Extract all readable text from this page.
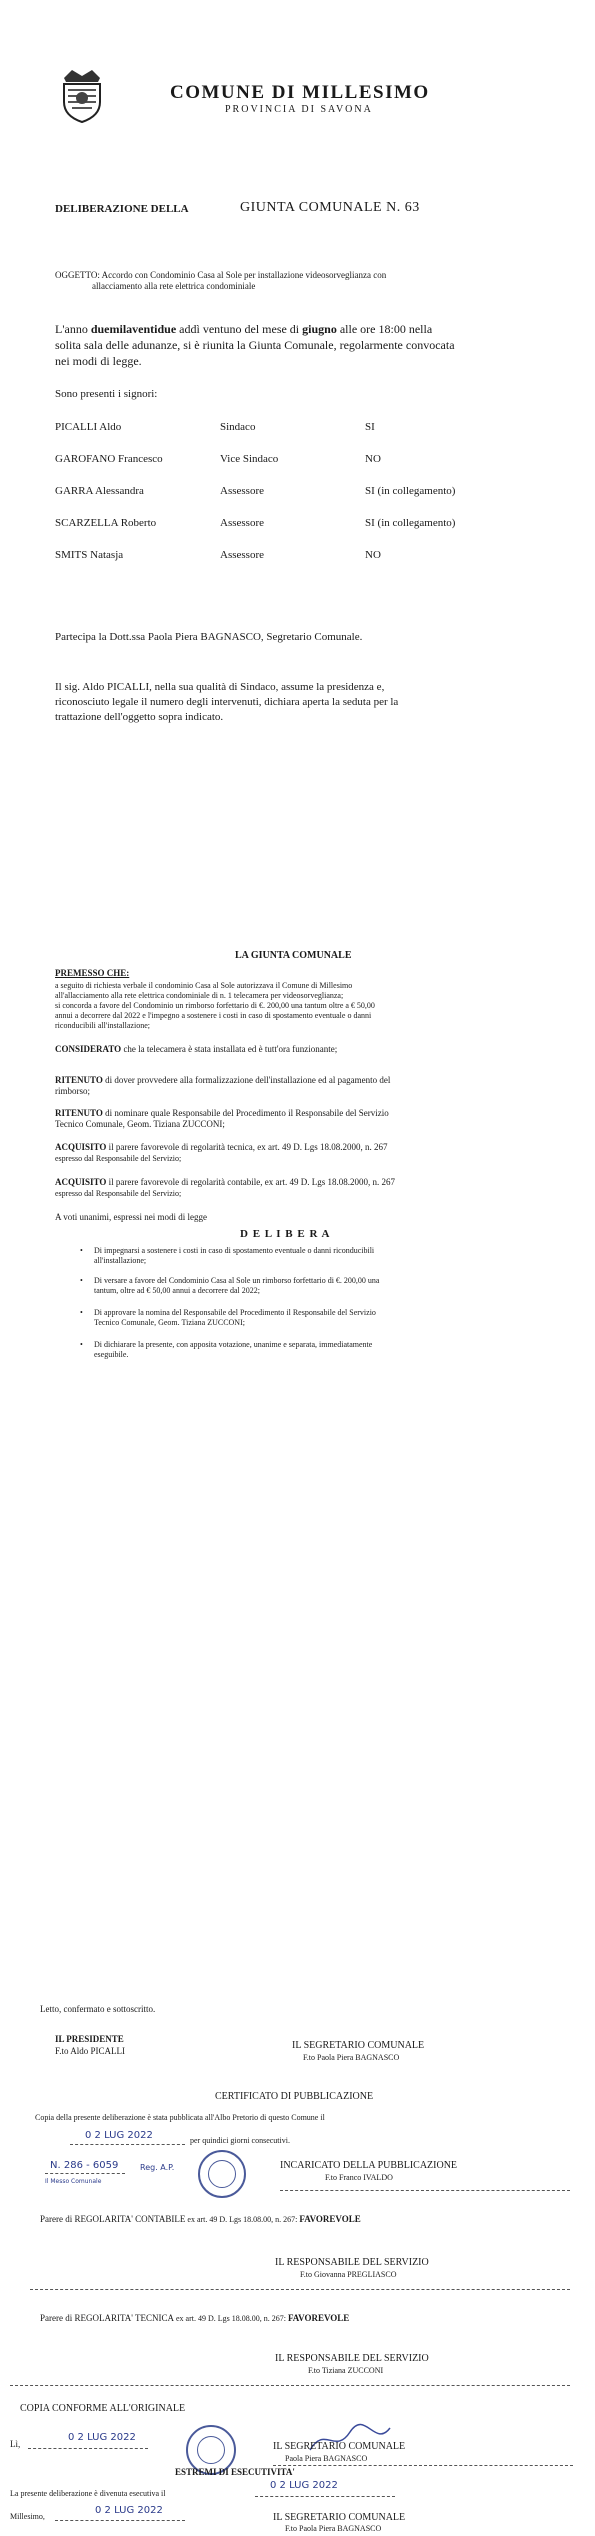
COMUNE DI MILLESIMO
PROVINCIA DI SAVONA
DELIBERAZIONE DELLA	GIUNTA COMUNALE N. 63
OGGETTO: Accordo con Condominio Casa al Sole per installazione videosorveglianza con
allacciamento alla rete elettrica condominiale
L'anno duemilaventidue addì ventuno del mese di giugno alle ore 18:00 nella
solita sala delle adunanze, si è riunita la Giunta Comunale, regolarmente convocata
nei modi di legge.
Sono presenti i signori:
PICALLI Aldo	Sindaco	SI
GAROFANO Francesco	Vice Sindaco	NO
GARRA Alessandra	Assessore	SI (in collegamento)
SCARZELLA Roberto	Assessore	SI (in collegamento)
SMITS Natasja	Assessore	NO
Partecipa la Dott.ssa Paola Piera BAGNASCO, Segretario Comunale.
Il sig. Aldo PICALLI, nella sua qualità di Sindaco, assume la presidenza e,
riconosciuto legale il numero degli intervenuti, dichiara aperta la seduta per la
trattazione dell'oggetto sopra indicato.
LA GIUNTA COMUNALE
PREMESSO CHE:
a seguito di richiesta verbale il condominio Casa al Sole autorizzava il Comune di Millesimo
all'allacciamento alla rete elettrica condominiale di n. 1 telecamera per videosorveglianza;
si concorda a favore del Condominio un rimborso forfettario di €. 200,00 una tantum oltre a € 50,00
annui a decorrere dal 2022 e l'impegno a sostenere i costi in caso di spostamento eventuale o danni
riconducibili all'installazione;
CONSIDERATO che la telecamera è stata installata ed è tutt'ora funzionante;
RITENUTO di dover provvedere alla formalizzazione dell'installazione ed al pagamento del
rimborso;
RITENUTO di nominare quale Responsabile del Procedimento il Responsabile del Servizio
Tecnico Comunale, Geom. Tiziana ZUCCONI;
ACQUISITO il parere favorevole di regolarità tecnica, ex art. 49 D. Lgs 18.08.2000, n. 267
espresso dal Responsabile del Servizio;
ACQUISITO il parere favorevole di regolarità contabile, ex art. 49 D. Lgs 18.08.2000, n. 267
espresso dal Responsabile del Servizio;
A voti unanimi, espressi nei modi di legge
D E L I B E R A
• Di impegnarsi a sostenere i costi in caso di spostamento eventuale o danni riconducibili
all'installazione;
• Di versare a favore del Condominio Casa al Sole un rimborso forfettario di €. 200,00 una
tantum, oltre ad € 50,00 annui a decorrere dal 2022;
• Di approvare la nomina del Responsabile del Procedimento il Responsabile del Servizio
Tecnico Comunale, Geom. Tiziana ZUCCONI;
• Di dichiarare la presente, con apposita votazione, unanime e separata, immediatamente
eseguibile.
Letto, confermato e sottoscritto.
IL PRESIDENTE
F.to Aldo PICALLI	IL SEGRETARIO COMUNALE
F.to Paola Piera BAGNASCO
CERTIFICATO DI PUBBLICAZIONE
Copia della presente deliberazione è stata pubblicata all'Albo Pretorio di questo Comune il
0 2 LUG 2022	per quindici giorni consecutivi.
N. 286 - 6059	Reg. A.P.
Il Messo Comunale
INCARICATO DELLA PUBBLICAZIONE
F.to Franco IVALDO
Parere di REGOLARITA' CONTABILE ex art. 49 D. Lgs 18.08.00, n. 267: FAVOREVOLE
IL RESPONSABILE DEL SERVIZIO
F.to Giovanna PREGLIASCO
Parere di REGOLARITA' TECNICA ex art. 49 D. Lgs 18.08.00, n. 267: FAVOREVOLE
IL RESPONSABILE DEL SERVIZIO
F.to Tiziana ZUCCONI
COPIA CONFORME ALL'ORIGINALE
Lì,
0 2 LUG 2022
IL SEGRETARIO COMUNALE
Paola Piera BAGNASCO
ESTREMI DI ESECUTIVITA'
La presente deliberazione è divenuta esecutiva il
0 2 LUG 2022
Millesimo,
0 2 LUG 2022
IL SEGRETARIO COMUNALE
F.to Paola Piera BAGNASCO
